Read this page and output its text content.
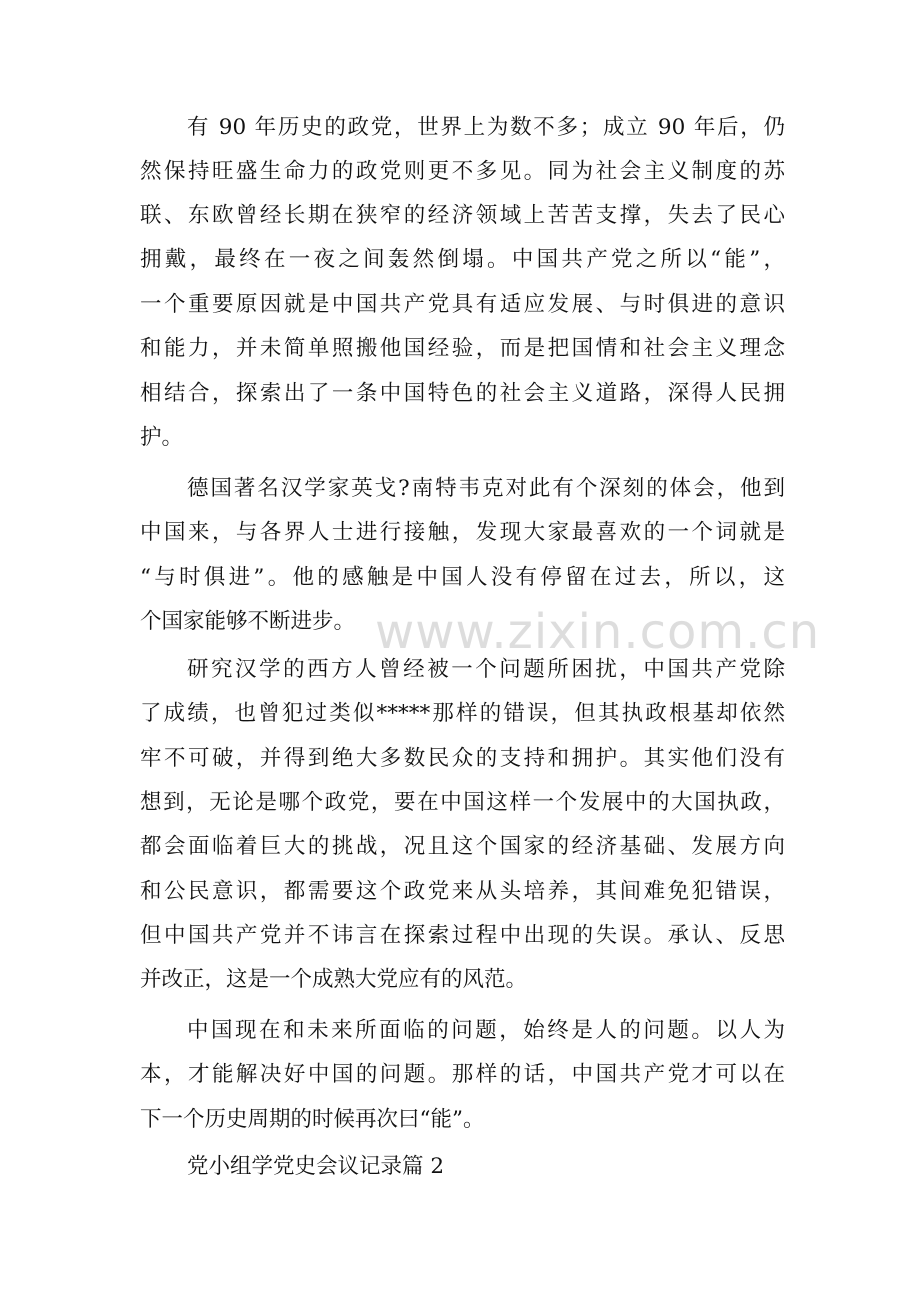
有 90 年历史的政党，世界上为数不多；成立 90 年后，仍
然保持旺盛生命力的政党则更不多见。同为社会主义制度的苏
联、东欧曾经长期在狭窄的经济领域上苦苦支撑，失去了民心
拥戴，最终在一夜之间轰然倒塌。中国共产党之所以“能”，
一个重要原因就是中国共产党具有适应发展、与时俱进的意识
和能力，并未简单照搬他国经验，而是把国情和社会主义理念
相结合，探索出了一条中国特色的社会主义道路，深得人民拥
护。
德国著名汉学家英戈?南特韦克对此有个深刻的体会，他到
中国来，与各界人士进行接触，发现大家最喜欢的一个词就是
“与时俱进”。他的感触是中国人没有停留在过去，所以，这
个国家能够不断进步。
研究汉学的西方人曾经被一个问题所困扰，中国共产党除
了成绩，也曾犯过类似*****那样的错误，但其执政根基却依然
牢不可破，并得到绝大多数民众的支持和拥护。其实他们没有
想到，无论是哪个政党，要在中国这样一个发展中的大国执政，
都会面临着巨大的挑战，况且这个国家的经济基础、发展方向
和公民意识，都需要这个政党来从头培养，其间难免犯错误，
但中国共产党并不讳言在探索过程中出现的失误。承认、反思
并改正，这是一个成熟大党应有的风范。
中国现在和未来所面临的问题，始终是人的问题。以人为
本，才能解决好中国的问题。那样的话，中国共产党才可以在
下一个历史周期的时候再次曰“能”。
党小组学党史会议记录篇 2
www.zixin.com.cn
